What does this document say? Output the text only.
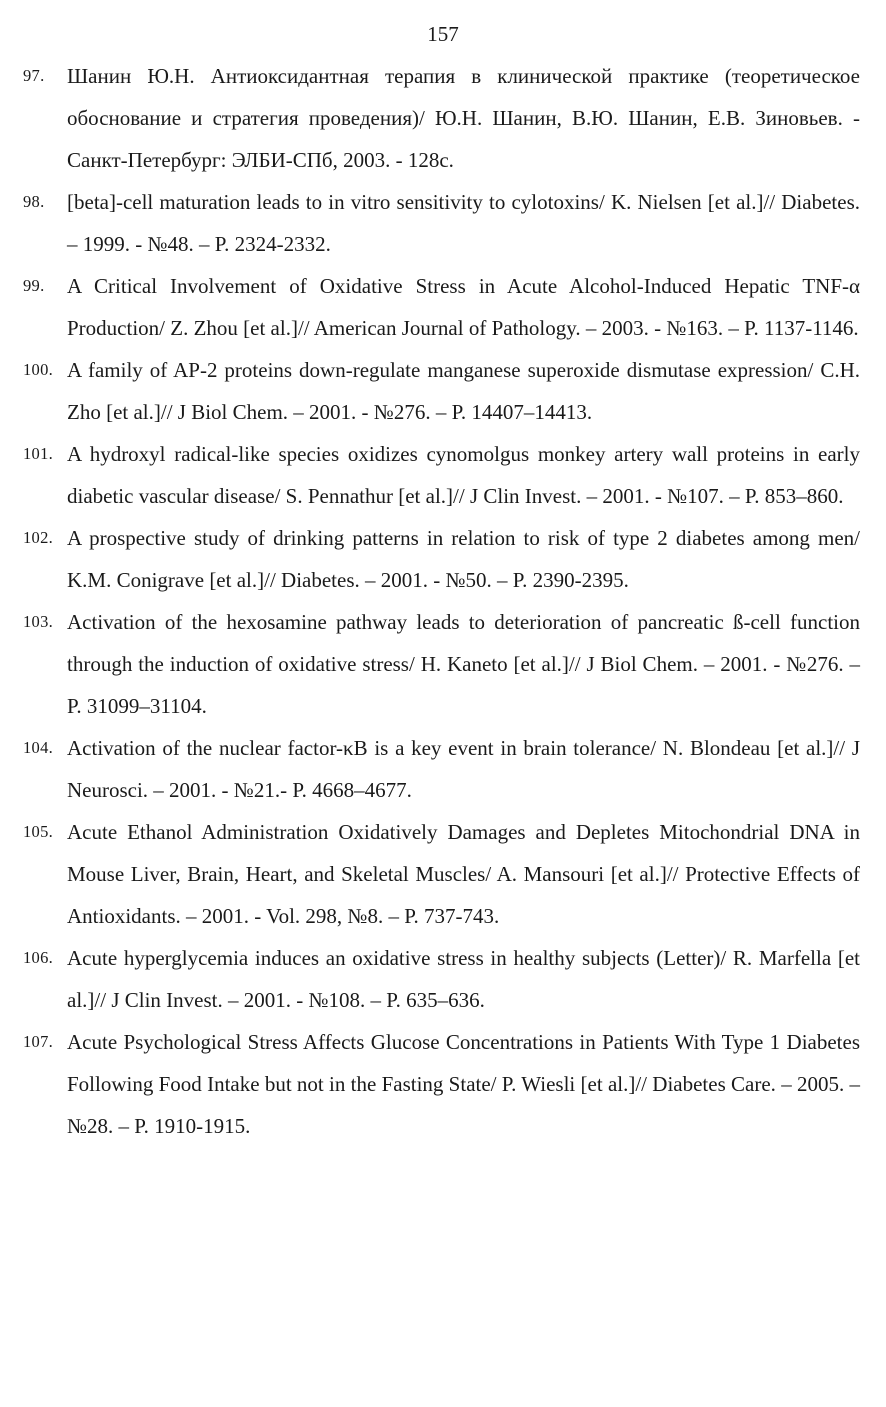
157
97. Шанин Ю.Н. Антиоксидантная терапия в клинической практике (теоретическое обоснование и стратегия проведения)/ Ю.Н. Шанин, В.Ю. Шанин, Е.В. Зиновьев. - Санкт-Петербург: ЭЛБИ-СПб, 2003. - 128с.
98. [beta]-cell maturation leads to in vitro sensitivity to cylotoxins/ K. Nielsen [et al.]// Diabetes. – 1999. - №48. – P. 2324-2332.
99. A Critical Involvement of Oxidative Stress in Acute Alcohol-Induced Hepatic TNF-α Production/ Z. Zhou [et al.]// American Journal of Pathology. – 2003. - №163. – P. 1137-1146.
100. A family of AP-2 proteins down-regulate manganese superoxide dismutase expression/ C.H. Zho [et al.]// J Biol Chem. – 2001. - №276. – P. 14407–14413.
101. A hydroxyl radical-like species oxidizes cynomolgus monkey artery wall proteins in early diabetic vascular disease/ S. Pennathur [et al.]// J Clin Invest. – 2001. - №107. – P. 853–860.
102. A prospective study of drinking patterns in relation to risk of type 2 diabetes among men/ K.M. Conigrave [et al.]// Diabetes. – 2001. - №50. – P. 2390-2395.
103. Activation of the hexosamine pathway leads to deterioration of pancreatic ß-cell function through the induction of oxidative stress/ H. Kaneto [et al.]// J Biol Chem. – 2001. - №276. – P. 31099–31104.
104. Activation of the nuclear factor-κB is a key event in brain tolerance/ N. Blondeau [et al.]// J Neurosci. – 2001. - №21.- P. 4668–4677.
105. Acute Ethanol Administration Oxidatively Damages and Depletes Mitochondrial DNA in Mouse Liver, Brain, Heart, and Skeletal Muscles/ A. Mansouri [et al.]// Protective Effects of Antioxidants. – 2001. - Vol. 298, №8. – P. 737-743.
106. Acute hyperglycemia induces an oxidative stress in healthy subjects (Letter)/ R. Marfella [et al.]// J Clin Invest. – 2001. - №108. – P. 635–636.
107. Acute Psychological Stress Affects Glucose Concentrations in Patients With Type 1 Diabetes Following Food Intake but not in the Fasting State/ P. Wiesli [et al.]// Diabetes Care. – 2005. – №28. – P. 1910-1915.
